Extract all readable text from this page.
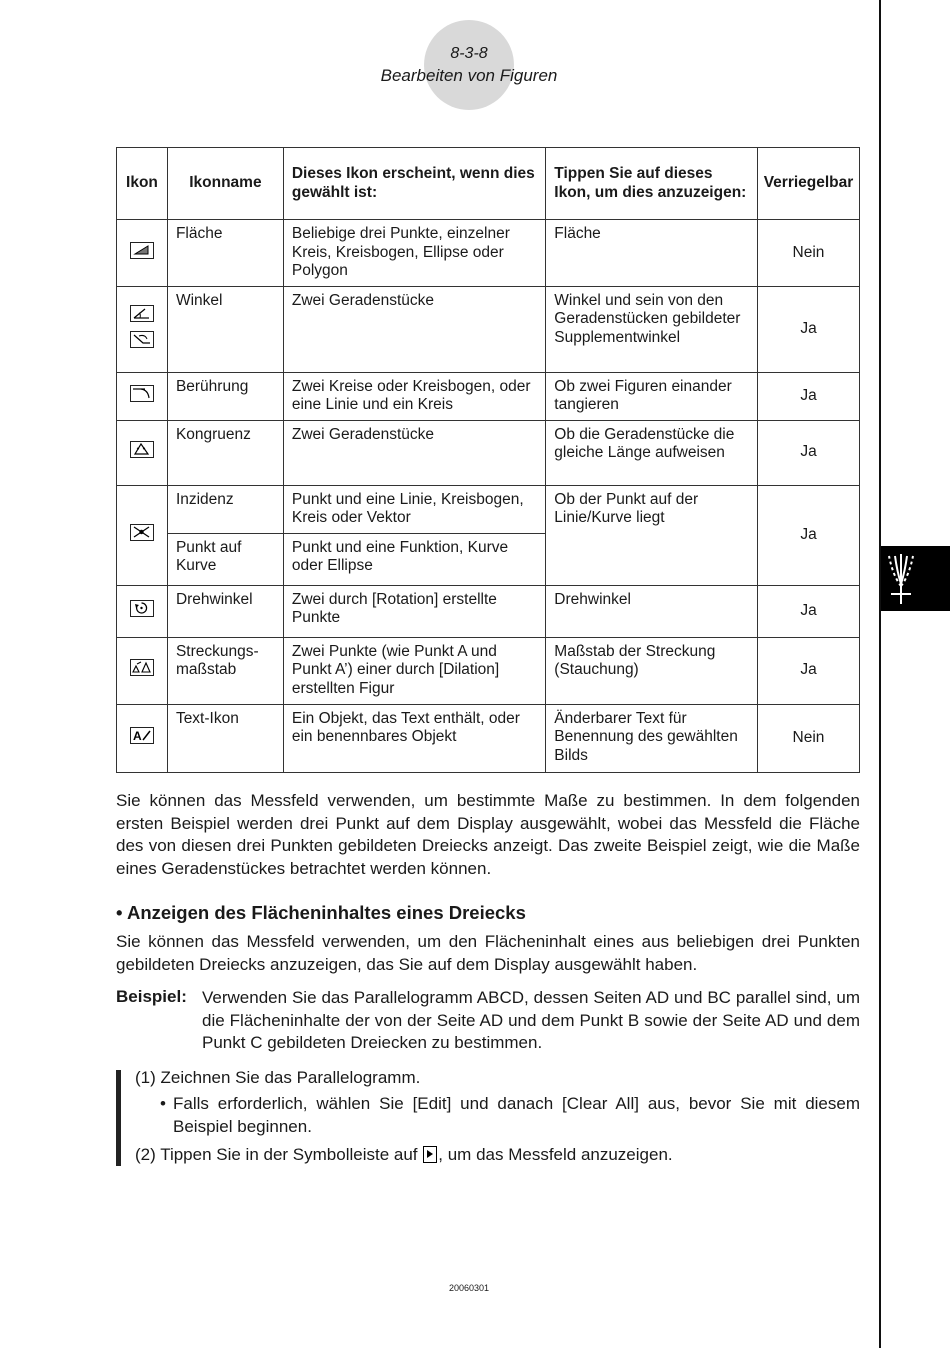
8-3-8
Bearbeiten von Figuren
Ikon	Ikonname	Dieses Ikon erscheint, wenn dies gewählt ist:	Tippen Sie auf dieses Ikon, um dies anzuzeigen:	Verriegelbar

	Fläche	Beliebige drei Punkte, einzelner Kreis, Kreisbogen, Ellipse oder Polygon	Fläche	Nein

	Winkel	Zwei Geradenstücke	Winkel und sein von den Geradenstücken gebildeter Supplementwinkel	Ja

	Berührung	Zwei Kreise oder Kreisbogen, oder eine Linie und ein Kreis	Ob zwei Figuren einander tangieren	Ja

	Kongruenz	Zwei Geradenstücke	Ob die Geradenstücke die gleiche Länge aufweisen	Ja

	Inzidenz	Punkt und eine Linie, Kreisbogen, Kreis oder Vektor	Ob der Punkt auf der Linie/Kurve liegt	Ja
	Punkt auf Kurve	Punkt und eine Funktion, Kurve oder Ellipse		

	Drehwinkel	Zwei durch [Rotation] erstellte Punkte	Drehwinkel	Ja

	Streckungs-maßstab	Zwei Punkte (wie Punkt A und Punkt A’) einer durch [Dilation] erstellten Figur	Maßstab der Streckung (Stauchung)	Ja

A	Text-Ikon	Ein Objekt, das Text enthält, oder ein benennbares Objekt	Änderbarer Text für Benennung des gewählten Bilds	Nein
Sie können das Messfeld verwenden, um bestimmte Maße zu bestimmen. In dem folgenden ersten Beispiel werden drei Punkt auf dem Display ausgewählt, wobei das Messfeld die Fläche des von diesen drei Punkten gebildeten Dreiecks anzeigt. Das zweite Beispiel zeigt, wie die Maße eines Geradenstückes betrachtet werden können.
• Anzeigen des Flächeninhaltes eines Dreiecks
Sie können das Messfeld verwenden, um den Flächeninhalt eines aus beliebigen drei Punkten gebildeten Dreiecks anzuzeigen, das Sie auf dem Display ausgewählt haben.
Beispiel: Verwenden Sie das Parallelogramm ABCD, dessen Seiten AD und BC parallel sind, um die Flächeninhalte der von der Seite AD und dem Punkt B sowie der Seite AD und dem Punkt C gebildeten Dreiecken zu bestimmen.
(1) Zeichnen Sie das Parallelogramm.
• Falls erforderlich, wählen Sie [Edit] und danach [Clear All] aus, bevor Sie mit diesem Beispiel beginnen.
(2) Tippen Sie in der Symbolleiste auf , um das Messfeld anzuzeigen.
20060301
